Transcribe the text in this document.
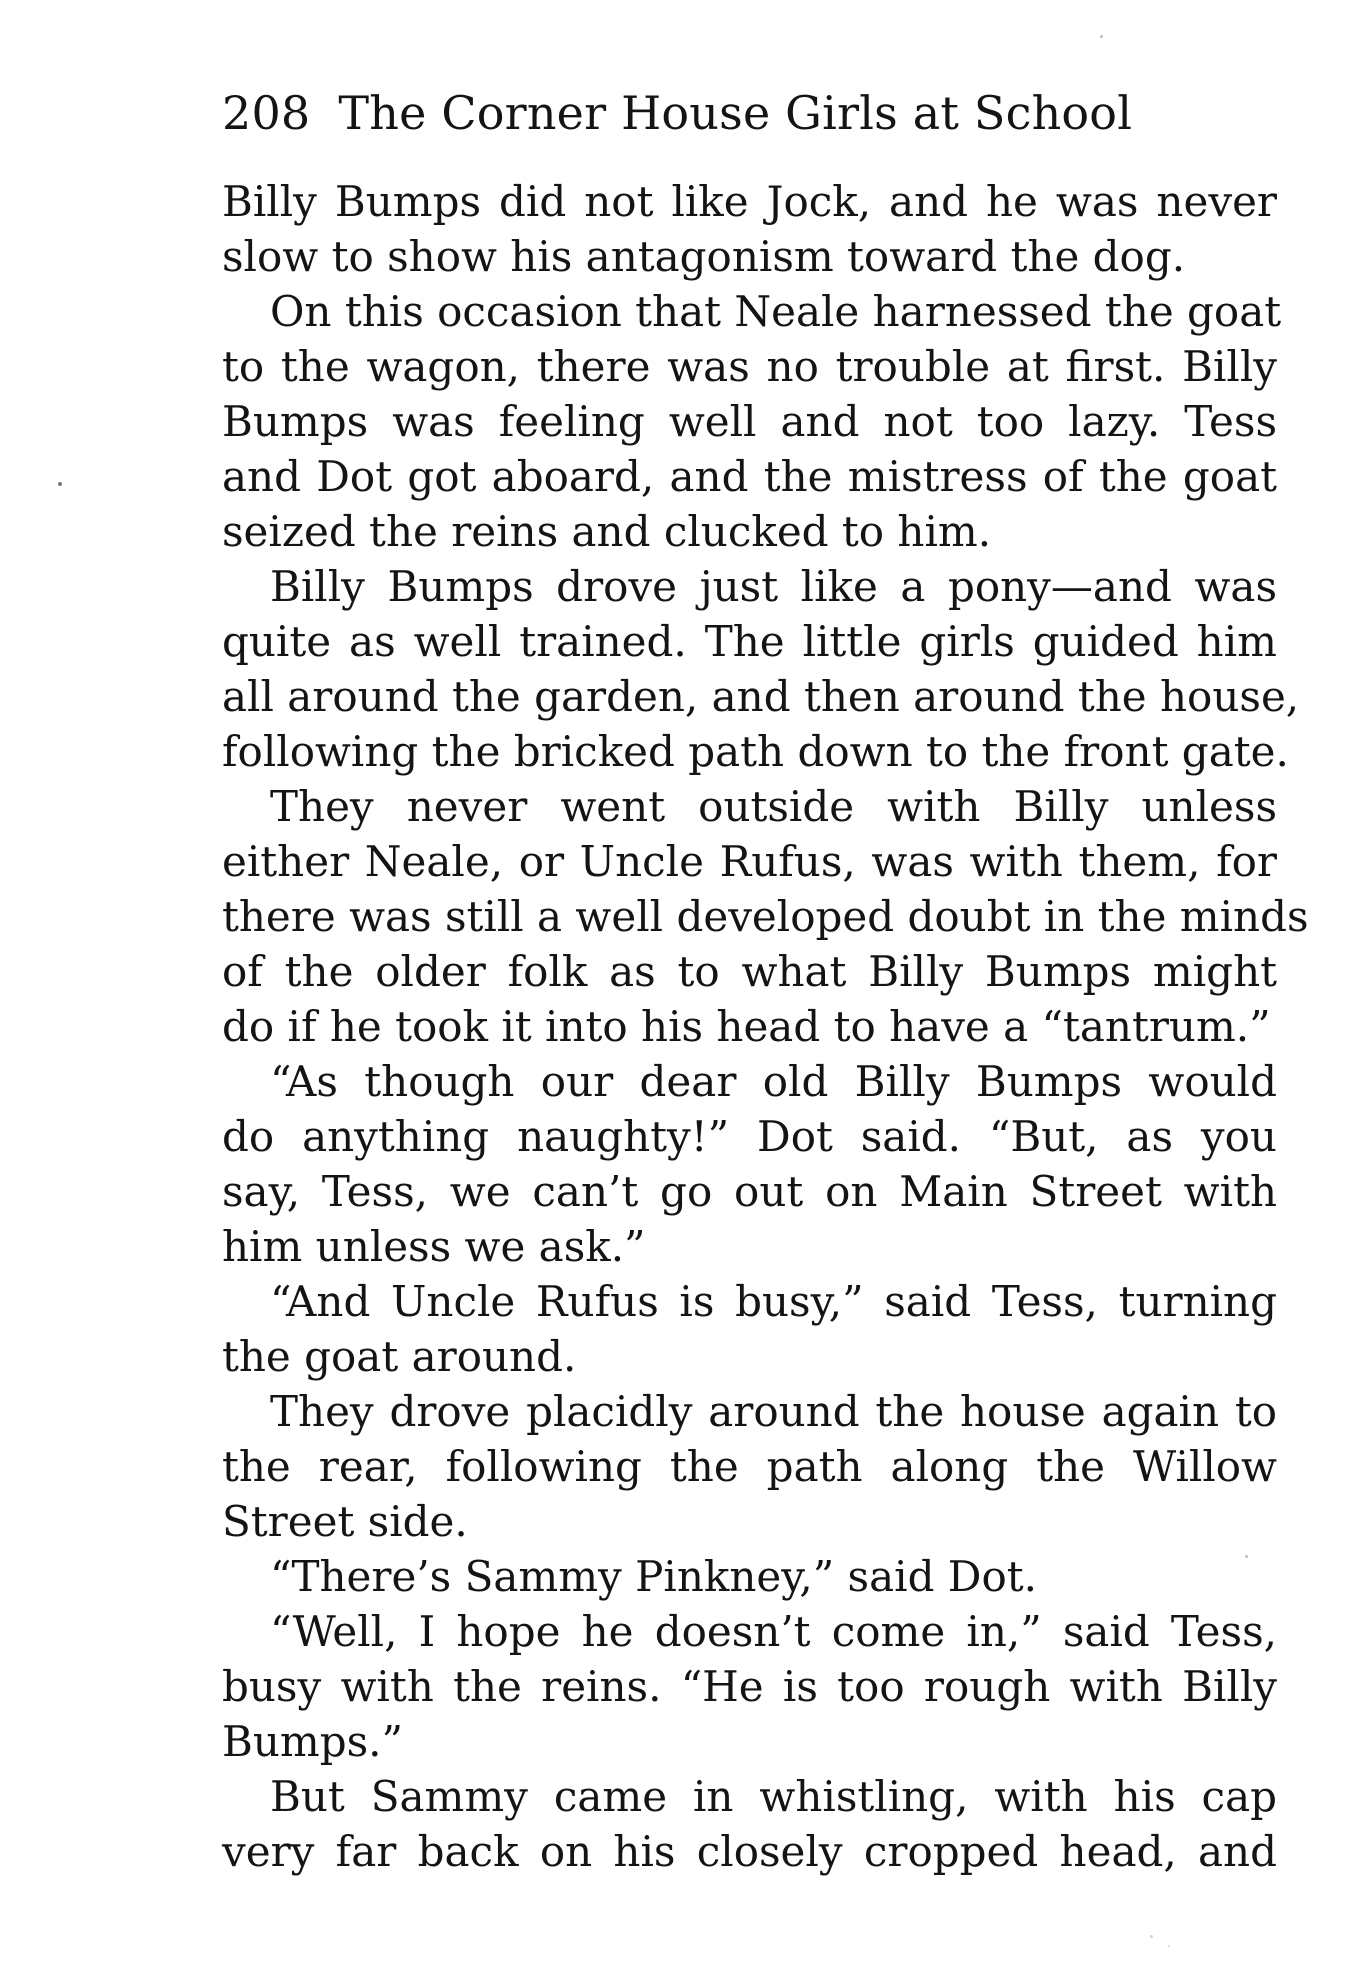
208 The Corner House Girls at School
Billy Bumps did not like Jock, and he was never
slow to show his antagonism toward the dog.
On this occasion that Neale harnessed the goat
to the wagon, there was no trouble at first. Billy
Bumps was feeling well and not too lazy. Tess
and Dot got aboard, and the mistress of the goat
seized the reins and clucked to him.
Billy Bumps drove just like a pony—and was
quite as well trained. The little girls guided him
all around the garden, and then around the house,
following the bricked path down to the front gate.
They never went outside with Billy unless
either Neale, or Uncle Rufus, was with them, for
there was still a well developed doubt in the minds
of the older folk as to what Billy Bumps might
do if he took it into his head to have a “tantrum.”
“As though our dear old Billy Bumps would
do anything naughty!” Dot said. “But, as you
say, Tess, we can’t go out on Main Street with
him unless we ask.”
“And Uncle Rufus is busy,” said Tess, turning
the goat around.
They drove placidly around the house again to
the rear, following the path along the Willow
Street side.
“There’s Sammy Pinkney,” said Dot.
“Well, I hope he doesn’t come in,” said Tess,
busy with the reins. “He is too rough with Billy
Bumps.”
But Sammy came in whistling, with his cap
very far back on his closely cropped head, and
